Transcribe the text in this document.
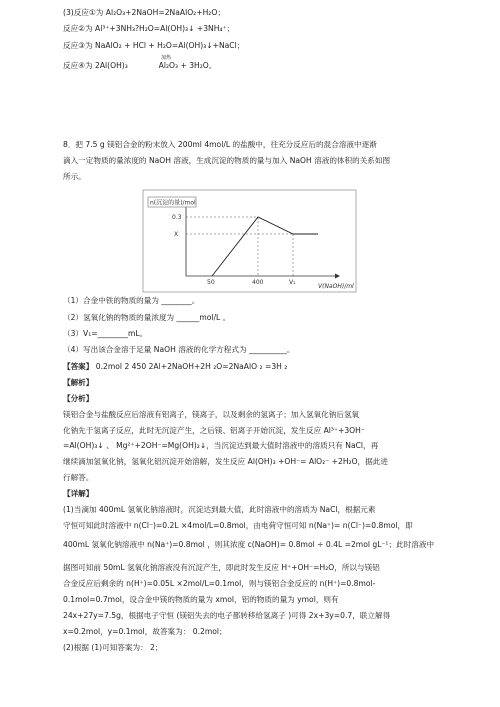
(3)反应①为 Al₂O₃+2NaOH=2NaAlO₂+H₂O；
反应②为 Al³⁺+3NH₃?H₂O=Al(OH)₃↓ +3NH₄⁺；
反应③为 NaAlO₂ + HCl + H₂O=Al(OH)₃↓+NaCl；
反应④为 2Al(OH)₃
加热
Al₂O₃ + 3H₂O。
8．把 7.5 g 镁铝合金的粉末放入 200ml 4mol/L 的盐酸中，往充分反应后的混合溶液中逐渐
滴入一定物质的量浓度的 NaOH 溶液，生成沉淀的物质的量与加入 NaOH 溶液的体积的关系如图
所示。
n(沉淀的量)/mol
0.3
X
50	400	V₁
V(NaOH)/ml
（1）合金中铁的物质的量为 ________。
（2）氢氧化钠的物质的量浓度为 ______mol/L 。
（3）V₁=________mL。
（4）写出该合金溶于足量 NaOH 溶液的化学方程式为 __________。
【答案】 0.2mol 2 450 2Al+2NaOH+2H ₂O=2NaAlO ₂ =3H ₂
【解析】
【分析】
镁铝合金与盐酸反应后溶液有铝离子，镁离子，以及剩余的氢离子；加入氢氧化钠后氢氧
化钠先于氢离子反应，此时无沉淀产生，之后镁、铝离子开始沉淀，发生反应 Al³⁺+3OH⁻
=Al(OH)₃↓ 、 Mg²⁺+2OH⁻=Mg(OH)₂↓，当沉淀达到最大值时溶液中的溶质只有 NaCl，再
继续滴加氢氧化钠，氢氧化铝沉淀开始溶解，发生反应 Al(OH)₃ +OH⁻= AlO₂⁻ +2H₂O，据此进
行解答。
【详解】
(1)当滴加 400mL 氢氧化钠溶液时，沉淀达到最大值，此时溶液中的溶质为 NaCl，根据元素
守恒可知此时溶液中 n(Cl⁻)=0.2L ×4mol/L=0.8mol，由电荷守恒可知 n(Na⁺)= n(Cl⁻)=0.8mol，即
400mL 氢氧化钠溶液中 n(Na⁺)=0.8mol ，则其浓度 c(NaOH)= 0.8mol ÷ 0.4L =2mol gL⁻¹；此时溶液中
据图可知前 50mL 氢氧化钠溶液没有沉淀产生，即此时发生反应 H⁺+OH⁻=H₂O，所以与镁铝
合金反应后剩余的 n(H⁺)=0.05L ×2mol/L=0.1mol，则与镁铝合金反应的 n(H⁺)=0.8mol-
0.1mol=0.7mol，设合金中镁的物质的量为 xmol，铝的物质的量为 ymol，则有
24x+27y=7.5g，根据电子守恒 (镁铝失去的电子都转移给氢离子 )可得 2x+3y=0.7，联立解得
x=0.2mol，y=0.1mol，故答案为： 0.2mol；
(2)根据 (1)可知答案为： 2；
